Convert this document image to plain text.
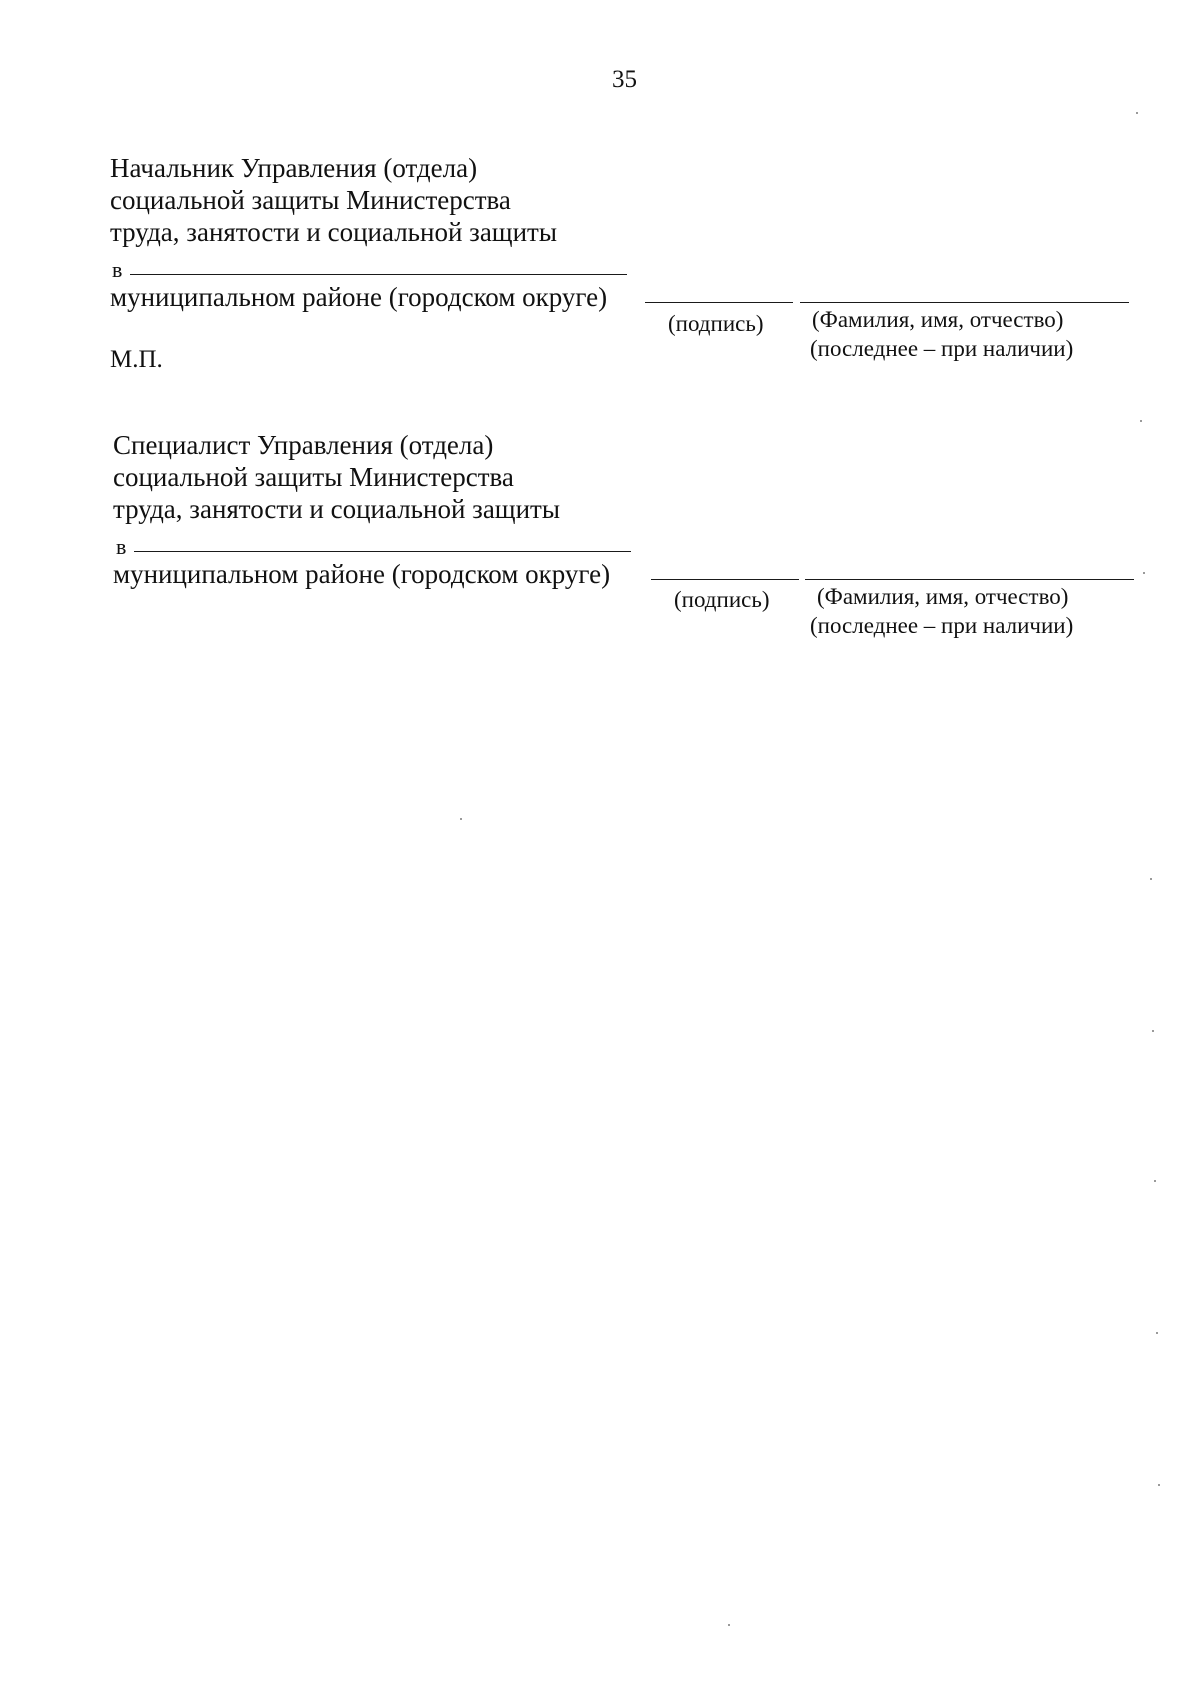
35
Начальник Управления (отдела)
социальной защиты Министерства
труда, занятости и социальной защиты
в
муниципальном районе (городском округе)
(подпись) (Фамилия, имя, отчество)
(последнее – при наличии)
М.П.
Специалист Управления (отдела)
социальной защиты Министерства
труда, занятости и социальной защиты
в
муниципальном районе (городском округе)
(подпись) (Фамилия, имя, отчество)
(последнее – при наличии)
